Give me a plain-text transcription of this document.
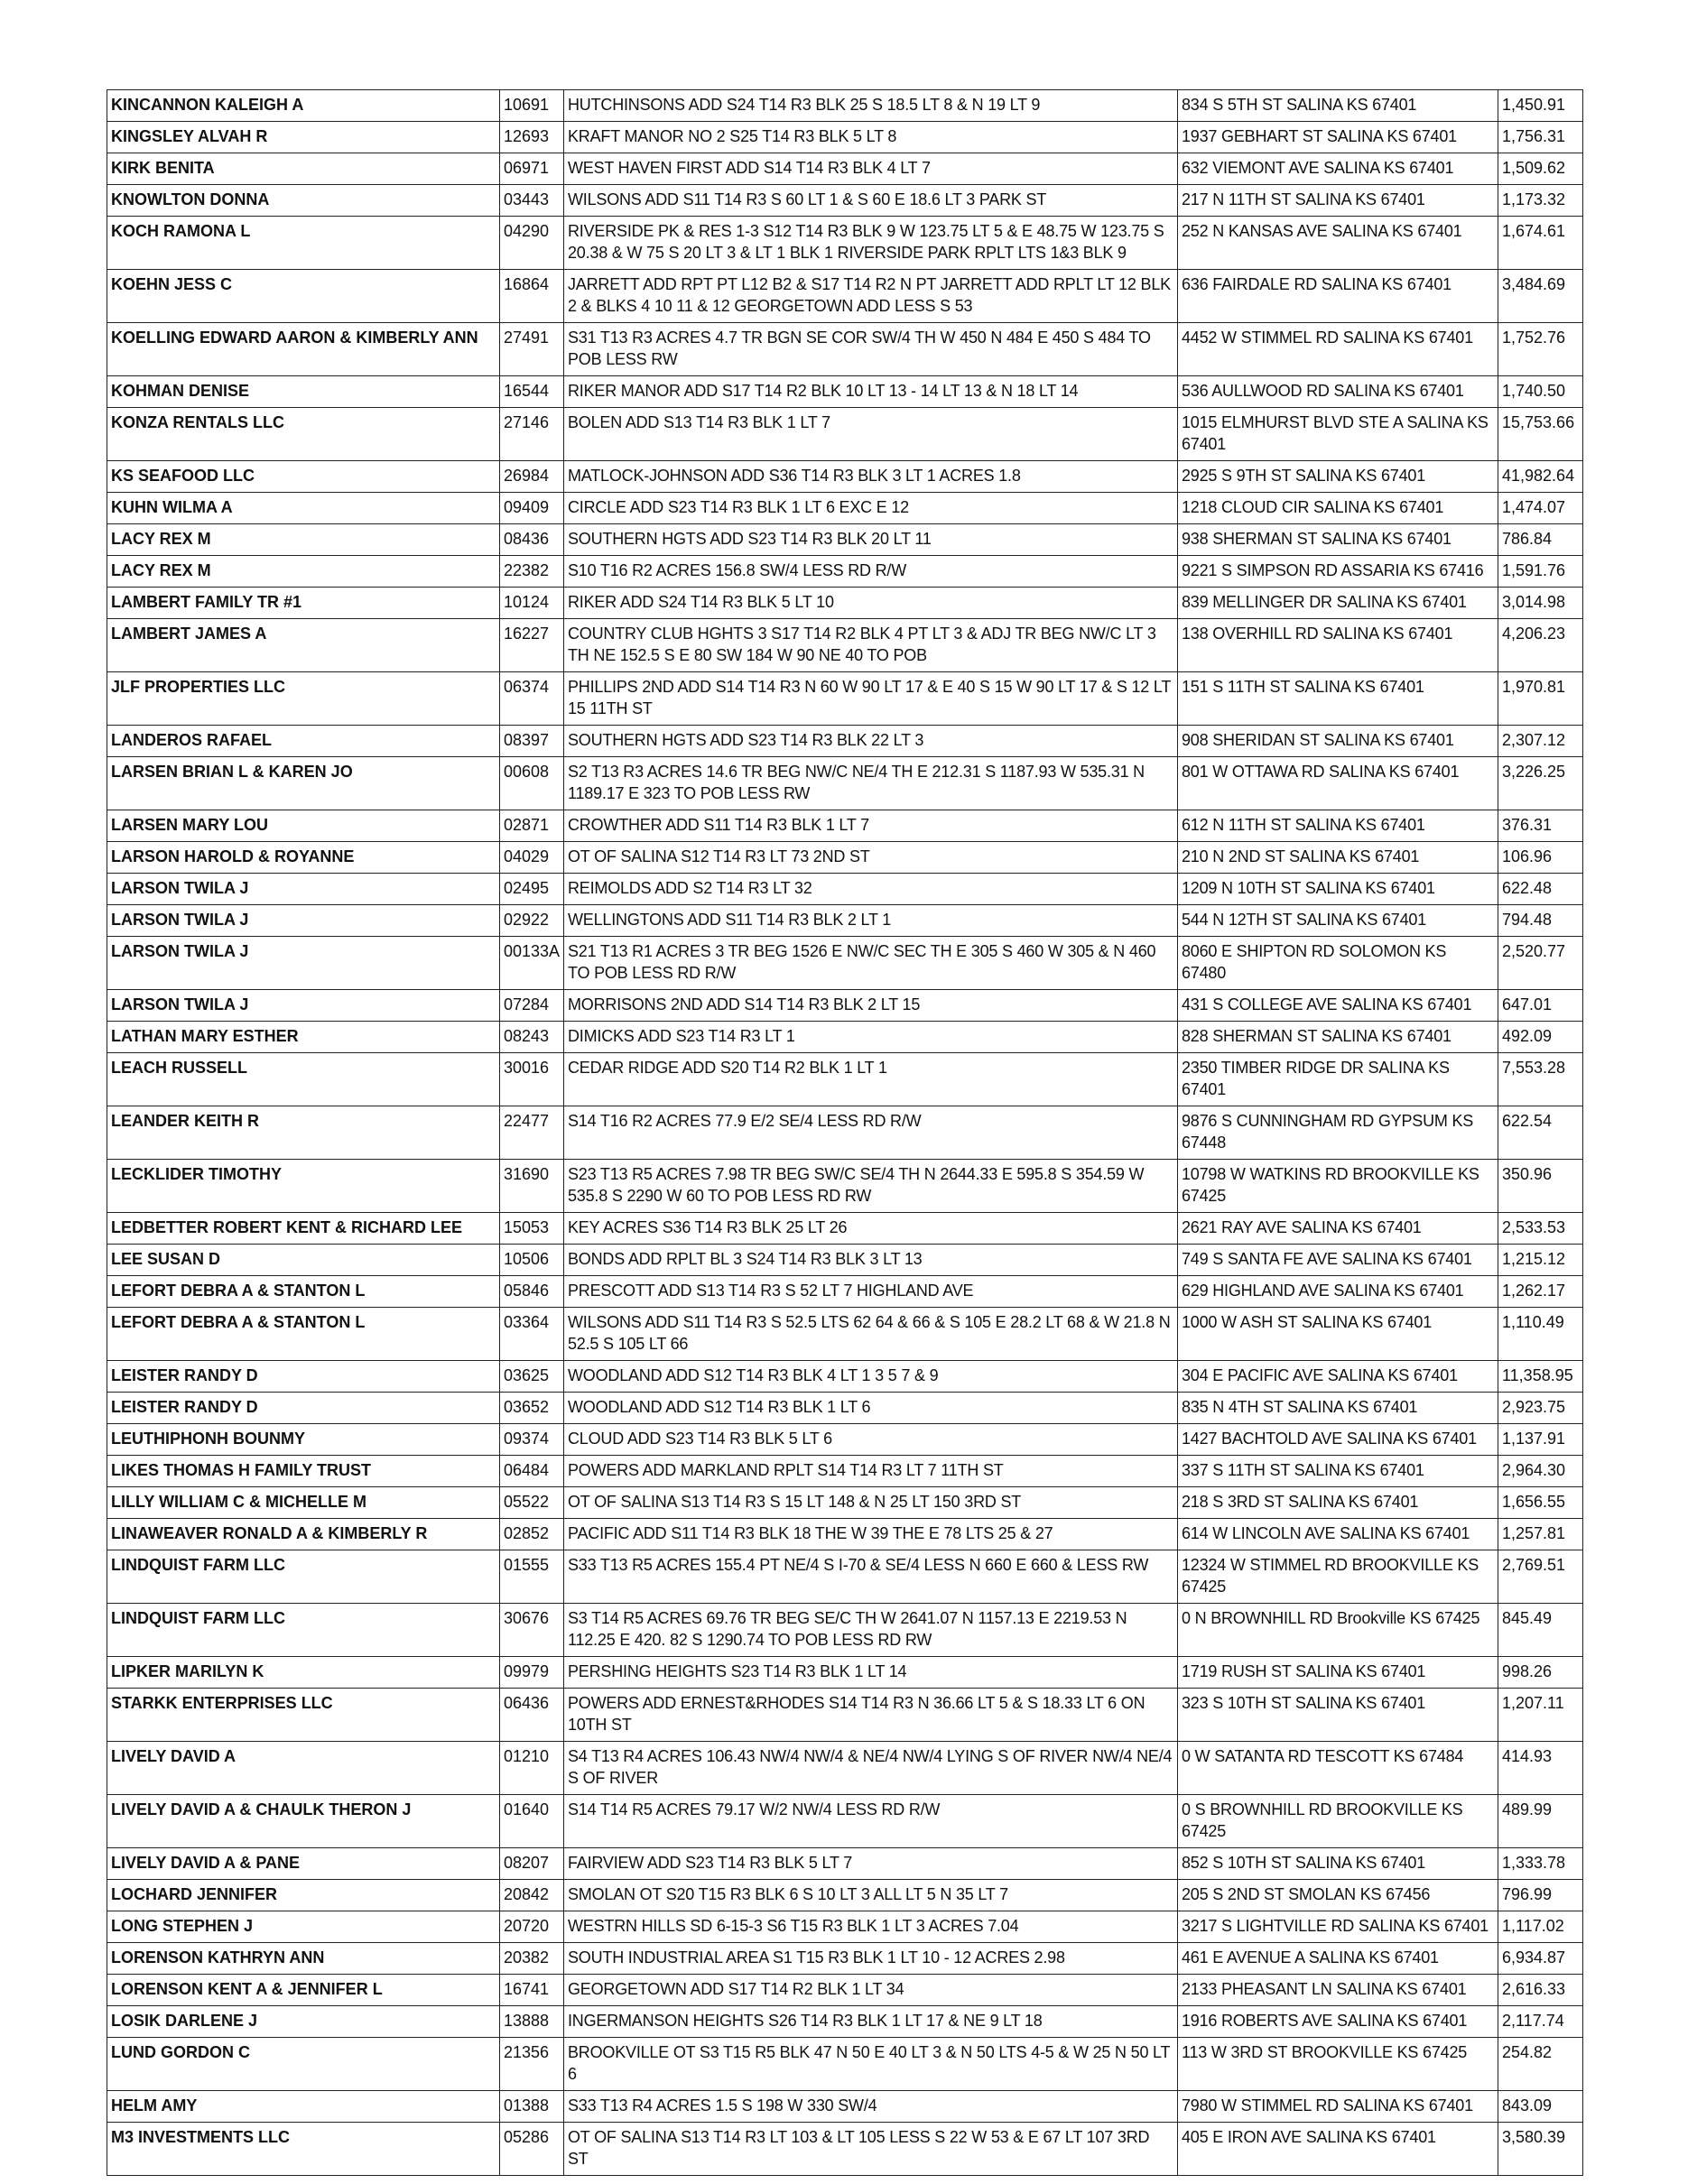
KINCANNON KALEIGH A	10691	HUTCHINSONS ADD S24 T14 R3 BLK 25 S 18.5 LT 8 & N 19 LT 9	834 S 5TH ST SALINA KS 67401	1,450.91
KINGSLEY ALVAH R	12693	KRAFT MANOR NO 2 S25 T14 R3 BLK 5 LT 8	1937 GEBHART ST SALINA KS 67401	1,756.31
KIRK BENITA	06971	WEST HAVEN FIRST ADD S14 T14 R3 BLK 4 LT 7	632 VIEMONT AVE SALINA KS 67401	1,509.62
KNOWLTON DONNA	03443	WILSONS ADD S11 T14 R3 S 60 LT 1 & S 60 E 18.6 LT 3 PARK ST	217 N 11TH ST SALINA KS 67401	1,173.32
KOCH RAMONA L	04290	RIVERSIDE PK & RES 1-3 S12 T14 R3 BLK 9 W 123.75 LT 5 & E 48.75 W 123.75 S 20.38 & W 75 S 20 LT 3 & LT 1 BLK 1 RIVERSIDE PARK RPLT LTS 1&3 BLK 9	252 N KANSAS AVE SALINA KS 67401	1,674.61
KOEHN JESS C	16864	JARRETT ADD RPT PT L12 B2 & S17 T14 R2 N PT JARRETT ADD RPLT LT 12 BLK 2 & BLKS 4 10 11 & 12 GEORGETOWN ADD LESS S 53	636 FAIRDALE RD SALINA KS 67401	3,484.69
KOELLING EDWARD AARON & KIMBERLY ANN	27491	S31 T13 R3 ACRES 4.7 TR BGN SE COR SW/4 TH W 450 N 484 E 450 S 484 TO POB LESS RW	4452 W STIMMEL RD SALINA KS 67401	1,752.76
KOHMAN DENISE	16544	RIKER MANOR ADD S17 T14 R2 BLK 10 LT 13 - 14 LT 13 & N 18 LT 14	536 AULLWOOD RD SALINA KS 67401	1,740.50
KONZA RENTALS LLC	27146	BOLEN ADD S13 T14 R3 BLK 1 LT 7	1015 ELMHURST BLVD STE A SALINA KS 67401	15,753.66
KS SEAFOOD LLC	26984	MATLOCK-JOHNSON ADD S36 T14 R3 BLK 3 LT 1 ACRES 1.8	2925 S 9TH ST SALINA KS 67401	41,982.64
KUHN WILMA A	09409	CIRCLE ADD S23 T14 R3 BLK 1 LT 6 EXC E 12	1218 CLOUD CIR SALINA KS 67401	1,474.07
LACY REX M	08436	SOUTHERN HGTS ADD S23 T14 R3 BLK 20 LT 11	938 SHERMAN ST SALINA KS 67401	786.84
LACY REX M	22382	S10 T16 R2 ACRES 156.8 SW/4 LESS RD R/W	9221 S SIMPSON RD ASSARIA KS 67416	1,591.76
LAMBERT FAMILY TR #1	10124	RIKER ADD S24 T14 R3 BLK 5 LT 10	839 MELLINGER DR SALINA KS 67401	3,014.98
LAMBERT JAMES A	16227	COUNTRY CLUB HGHTS 3 S17 T14 R2 BLK 4 PT LT 3 & ADJ TR BEG NW/C LT 3 TH NE 152.5 S E 80 SW 184 W 90 NE 40 TO POB	138 OVERHILL RD SALINA KS 67401	4,206.23
JLF PROPERTIES LLC	06374	PHILLIPS 2ND ADD S14 T14 R3 N 60 W 90 LT 17 & E 40 S 15 W 90 LT 17 & S 12 LT 15 11TH ST	151 S 11TH ST SALINA KS 67401	1,970.81
LANDEROS RAFAEL	08397	SOUTHERN HGTS ADD S23 T14 R3 BLK 22 LT 3	908 SHERIDAN ST SALINA KS 67401	2,307.12
LARSEN BRIAN L & KAREN JO	00608	S2 T13 R3 ACRES 14.6 TR BEG NW/C NE/4 TH E 212.31 S 1187.93 W 535.31 N 1189.17 E 323 TO POB LESS RW	801 W OTTAWA RD SALINA KS 67401	3,226.25
LARSEN MARY LOU	02871	CROWTHER ADD S11 T14 R3 BLK 1 LT 7	612 N 11TH ST SALINA KS 67401	376.31
LARSON HAROLD & ROYANNE	04029	OT OF SALINA S12 T14 R3 LT 73 2ND ST	210 N 2ND ST SALINA KS 67401	106.96
LARSON TWILA J	02495	REIMOLDS ADD S2 T14 R3 LT 32	1209 N 10TH ST SALINA KS 67401	622.48
LARSON TWILA J	02922	WELLINGTONS ADD S11 T14 R3 BLK 2 LT 1	544 N 12TH ST SALINA KS 67401	794.48
LARSON TWILA J	00133A	S21 T13 R1 ACRES 3 TR BEG 1526 E NW/C SEC TH E 305 S 460 W 305 & N 460 TO POB LESS RD R/W	8060 E SHIPTON RD SOLOMON KS 67480	2,520.77
LARSON TWILA J	07284	MORRISONS 2ND ADD S14 T14 R3 BLK 2 LT 15	431 S COLLEGE AVE SALINA KS 67401	647.01
LATHAN MARY ESTHER	08243	DIMICKS ADD S23 T14 R3 LT 1	828 SHERMAN ST SALINA KS 67401	492.09
LEACH RUSSELL	30016	CEDAR RIDGE ADD S20 T14 R2 BLK 1 LT 1	2350 TIMBER RIDGE DR SALINA KS 67401	7,553.28
LEANDER KEITH R	22477	S14 T16 R2 ACRES 77.9 E/2 SE/4 LESS RD R/W	9876 S CUNNINGHAM RD GYPSUM KS 67448	622.54
LECKLIDER TIMOTHY	31690	S23 T13 R5 ACRES 7.98 TR BEG SW/C SE/4 TH N 2644.33 E 595.8 S 354.59 W 535.8 S 2290 W 60 TO POB LESS RD RW	10798 W WATKINS RD BROOKVILLE KS 67425	350.96
LEDBETTER ROBERT KENT & RICHARD LEE	15053	KEY ACRES S36 T14 R3 BLK 25 LT 26	2621 RAY AVE SALINA KS 67401	2,533.53
LEE SUSAN D	10506	BONDS ADD RPLT BL 3 S24 T14 R3 BLK 3 LT 13	749 S SANTA FE AVE SALINA KS 67401	1,215.12
LEFORT DEBRA A & STANTON L	05846	PRESCOTT ADD S13 T14 R3 S 52 LT 7 HIGHLAND AVE	629 HIGHLAND AVE SALINA KS 67401	1,262.17
LEFORT DEBRA A & STANTON L	03364	WILSONS ADD S11 T14 R3 S 52.5 LTS 62 64 & 66 & S 105 E 28.2 LT 68 & W 21.8 N 52.5 S 105 LT 66	1000 W ASH ST SALINA KS 67401	1,110.49
LEISTER RANDY D	03625	WOODLAND ADD S12 T14 R3 BLK 4 LT 1 3 5 7 & 9	304 E PACIFIC AVE SALINA KS 67401	11,358.95
LEISTER RANDY D	03652	WOODLAND ADD S12 T14 R3 BLK 1 LT 6	835 N 4TH ST SALINA KS 67401	2,923.75
LEUTHIPHONH BOUNMY	09374	CLOUD ADD S23 T14 R3 BLK 5 LT 6	1427 BACHTOLD AVE SALINA KS 67401	1,137.91
LIKES THOMAS H FAMILY TRUST	06484	POWERS ADD MARKLAND RPLT S14 T14 R3 LT 7 11TH ST	337 S 11TH ST SALINA KS 67401	2,964.30
LILLY WILLIAM C & MICHELLE M	05522	OT OF SALINA S13 T14 R3 S 15 LT 148 & N 25 LT 150 3RD ST	218 S 3RD ST SALINA KS 67401	1,656.55
LINAWEAVER RONALD A & KIMBERLY R	02852	PACIFIC ADD S11 T14 R3 BLK 18 THE W 39 THE E 78 LTS 25 & 27	614 W LINCOLN AVE SALINA KS 67401	1,257.81
LINDQUIST FARM LLC	01555	S33 T13 R5 ACRES 155.4 PT NE/4 S I-70 & SE/4 LESS N 660 E 660 & LESS RW	12324 W STIMMEL RD BROOKVILLE KS 67425	2,769.51
LINDQUIST FARM LLC	30676	S3 T14 R5 ACRES 69.76 TR BEG SE/C TH W 2641.07 N 1157.13 E 2219.53 N 112.25 E 420. 82 S 1290.74 TO POB LESS RD RW	0 N BROWNHILL RD Brookville KS 67425	845.49
LIPKER MARILYN K	09979	PERSHING HEIGHTS S23 T14 R3 BLK 1 LT 14	1719 RUSH ST SALINA KS 67401	998.26
STARKK ENTERPRISES LLC	06436	POWERS ADD ERNEST&RHODES S14 T14 R3 N 36.66 LT 5 & S 18.33 LT 6 ON 10TH ST	323 S 10TH ST SALINA KS 67401	1,207.11
LIVELY DAVID A	01210	S4 T13 R4 ACRES 106.43 NW/4 NW/4 & NE/4 NW/4 LYING S OF RIVER NW/4 NE/4 S OF RIVER	0 W SATANTA RD TESCOTT KS 67484	414.93
LIVELY DAVID A & CHAULK THERON J	01640	S14 T14 R5 ACRES 79.17 W/2 NW/4 LESS RD R/W	0 S BROWNHILL RD BROOKVILLE KS 67425	489.99
LIVELY DAVID A & PANE	08207	FAIRVIEW ADD S23 T14 R3 BLK 5 LT 7	852 S 10TH ST SALINA KS 67401	1,333.78
LOCHARD JENNIFER	20842	SMOLAN OT S20 T15 R3 BLK 6 S 10 LT 3 ALL LT 5 N 35 LT 7	205 S 2ND ST SMOLAN KS 67456	796.99
LONG STEPHEN J	20720	WESTRN HILLS SD 6-15-3 S6 T15 R3 BLK 1 LT 3 ACRES 7.04	3217 S LIGHTVILLE RD SALINA KS 67401	1,117.02
LORENSON KATHRYN ANN	20382	SOUTH INDUSTRIAL AREA S1 T15 R3 BLK 1 LT 10 - 12 ACRES 2.98	461 E AVENUE A SALINA KS 67401	6,934.87
LORENSON KENT A & JENNIFER L	16741	GEORGETOWN ADD S17 T14 R2 BLK 1 LT 34	2133 PHEASANT LN SALINA KS 67401	2,616.33
LOSIK DARLENE J	13888	INGERMANSON HEIGHTS S26 T14 R3 BLK 1 LT 17 & NE 9 LT 18	1916 ROBERTS AVE SALINA KS 67401	2,117.74
LUND GORDON C	21356	BROOKVILLE OT S3 T15 R5 BLK 47 N 50 E 40 LT 3 & N 50 LTS 4-5 & W 25 N 50 LT 6	113 W 3RD ST BROOKVILLE KS 67425	254.82
HELM AMY	01388	S33 T13 R4 ACRES 1.5 S 198 W 330 SW/4	7980 W STIMMEL RD SALINA KS 67401	843.09
M3 INVESTMENTS LLC	05286	OT OF SALINA S13 T14 R3 LT 103 & LT 105 LESS S 22 W 53 & E 67 LT 107 3RD ST	405 E IRON AVE SALINA KS 67401	3,580.39
